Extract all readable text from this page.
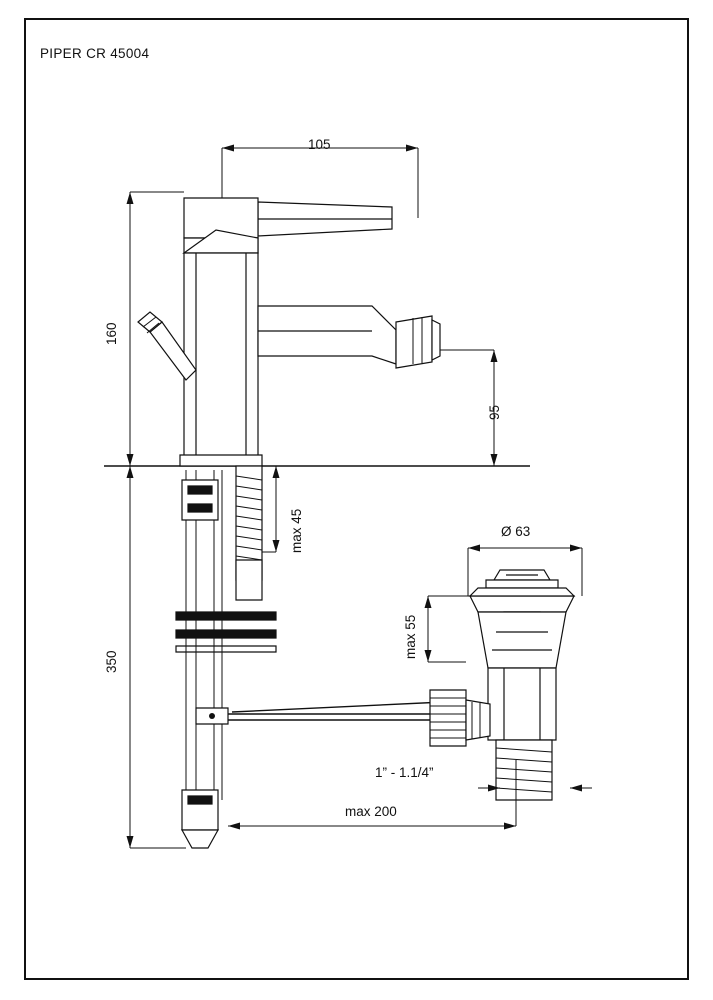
PIPER CR 45004
105
160
95
max 45
350
Ø 63
max 55
1” - 1.1/4”
max 200
